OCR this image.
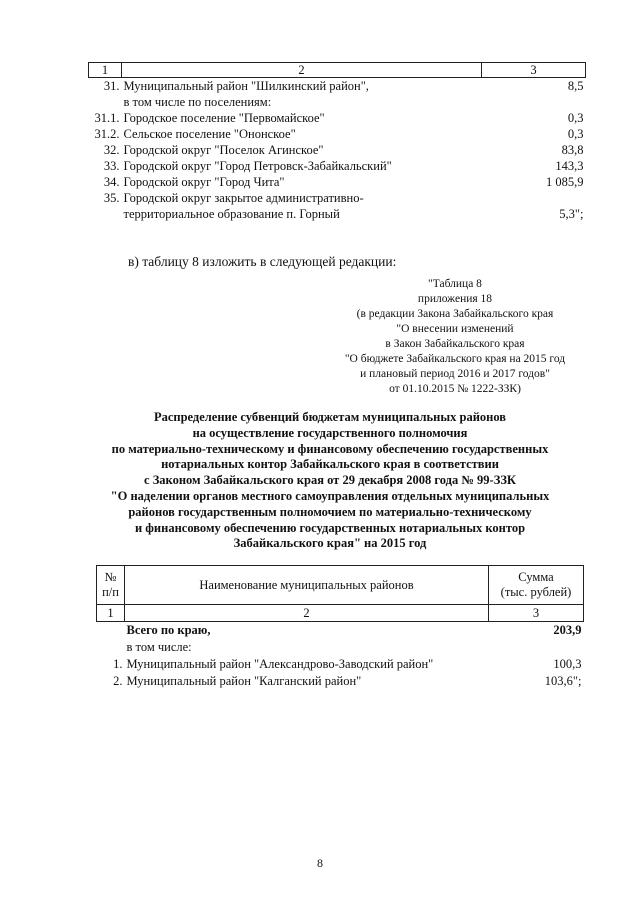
1	2	3
31.	Муниципальный район "Шилкинский район",	8,5
	в том числе по поселениям:	
31.1.	Городское поселение "Первомайское"	0,3
31.2.	Сельское поселение "Ононское"	0,3
32.	Городской округ "Поселок Агинское"	83,8
33.	Городской округ "Город Петровск-Забайкальский"	143,3
34.	Городской округ "Город Чита"	1 085,9
35.	Городской округ закрытое административно-	
	территориальное образование п. Горный	5,3";
в) таблицу 8 изложить в следующей редакции:
"Таблица 8
приложения 18
(в редакции Закона Забайкальского края
"О внесении изменений
в Закон Забайкальского края
"О бюджете Забайкальского края на 2015 год
и плановый период 2016 и 2017 годов"
от 01.10.2015 № 1222-ЗЗК)
Распределение субвенций бюджетам муниципальных районов
на осуществление государственного полномочия
по материально-техническому и финансовому обеспечению государственных
нотариальных контор Забайкальского края в соответствии
с Законом Забайкальского края от 29 декабря 2008 года № 99-ЗЗК
"О наделении органов местного самоуправления отдельных муниципальных
районов государственным полномочием по материально-техническому
и финансовому обеспечению государственных нотариальных контор
Забайкальского края" на 2015 год
№
п/п	Наименование муниципальных районов	Сумма
(тыс. рублей)
1	2	3
	Всего по краю,	203,9
	в том числе:	
1.	Муниципальный район "Александрово-Заводский район"	100,3
2.	Муниципальный район "Калганский район"	103,6";
8
